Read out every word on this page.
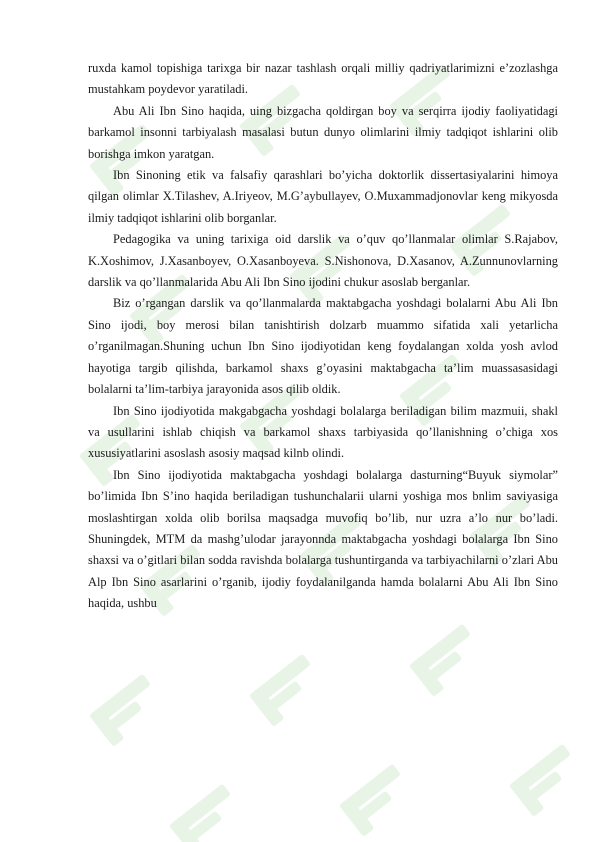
ruxda kamol topishiga tarixga bir nazar tashlash orqali milliy qadriyatlarimizni e’zozlashga mustahkam poydevor yaratiladi.

Abu Ali Ibn Sino haqida, uing bizgacha qoldirgan boy va serqirra ijodiy faoliyatidagi barkamol insonni tarbiyalash masalasi butun dunyo olimlarini ilmiy tadqiqot ishlarini olib borishga imkon yaratgan.

Ibn Sinoning etik va falsafiy qarashlari bo’yicha doktorlik dissertasiyalarini himoya qilgan olimlar X.Tilashev, A.Iriyeov, M.G’aybullayev, O.Muxammadjonovlar keng mikyosda ilmiy tadqiqot ishlarini olib borganlar.

Pedagogika va uning tarixiga oid darslik va o’quv qo’llanmalar olimlar S.Rajabov, K.Xoshimov, J.Xasanboyev, O.Xasanboyeva. S.Nishonova, D.Xasanov, A.Zunnunovlarning darslik va qo’llanmalarida Abu Ali Ibn Sino ijodini chukur asoslab berganlar.

Biz o’rgangan darslik va qo’llanmalarda maktabgacha yoshdagi bolalarni Abu Ali Ibn Sino ijodi, boy merosi bilan tanishtirish dolzarb muammo sifatida xali yetarlicha o’rganilmagan.Shuning uchun Ibn Sino ijodiyotidan keng foydalangan xolda yosh avlod hayotiga targib qilishda, barkamol shaxs g’oyasini maktabgacha ta’lim muassasasidagi bolalarni ta’lim-tarbiya jarayonida asos qilib oldik.

Ibn Sino ijodiyotida makgabgacha yoshdagi bolalarga beriladigan bilim mazmuii, shakl va usullarini ishlab chiqish va barkamol shaxs tarbiyasida qo’llanishning o’chiga xos xususiyatlarini asoslash asosiy maqsad kilnb olindi.

Ibn Sino ijodiyotida maktabgacha yoshdagi bolalarga dasturning“Buyuk siymolar” bo’limida Ibn S’ino haqida beriladigan tushunchalarii ularni yoshiga mos bnlim saviyasiga moslashtirgan xolda olib borilsa maqsadga muvofiq bo’lib, nur uzra a’lo nur bo’ladi. Shuningdek, MTM da mashg’ulodar jarayonnda maktabgacha yoshdagi bolalarga Ibn Sino shaxsi va o’gitlari bilan sodda ravishda bolalarga tushuntirganda va tarbiyachilarni o’zlari Abu Alp Ibn Sino asarlarini o’rganib, ijodiy foydalanilganda hamda bolalarni Abu Ali Ibn Sino haqida, ushbu
